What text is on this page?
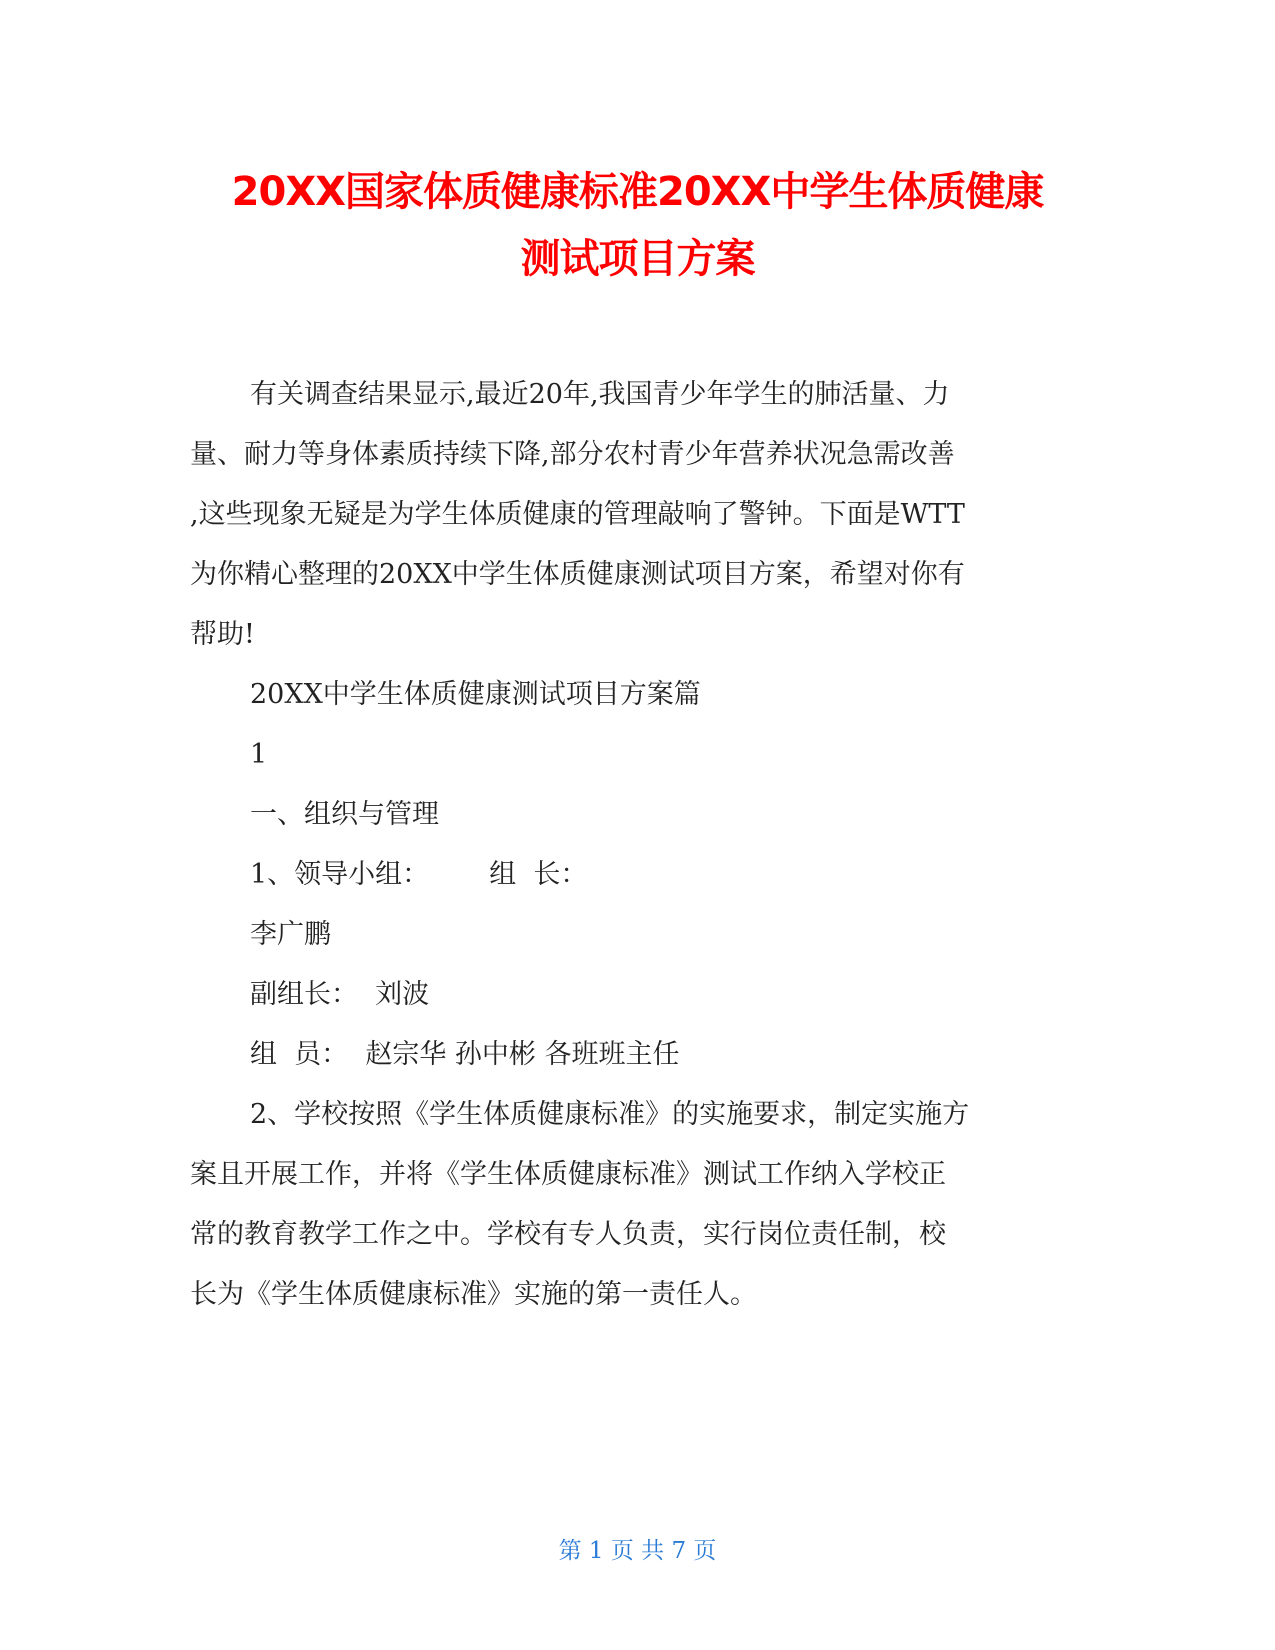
20XX国家体质健康标准20XX中学生体质健康
测试项目方案
有关调查结果显示,最近20年,我国青少年学生的肺活量、力
量、耐力等身体素质持续下降,部分农村青少年营养状况急需改善
,这些现象无疑是为学生体质健康的管理敲响了警钟。下面是WTT
为你精心整理的20XX中学生体质健康测试项目方案，希望对你有
帮助!
20XX中学生体质健康测试项目方案篇
1
一、组织与管理
1、领导小组：       组  长：
李广鹏
副组长：  刘波
组  员：  赵宗华 孙中彬 各班班主任
2、学校按照《学生体质健康标准》的实施要求，制定实施方
案且开展工作，并将《学生体质健康标准》测试工作纳入学校正
常的教育教学工作之中。学校有专人负责，实行岗位责任制，校
长为《学生体质健康标准》实施的第一责任人。
第 1 页 共 7 页
